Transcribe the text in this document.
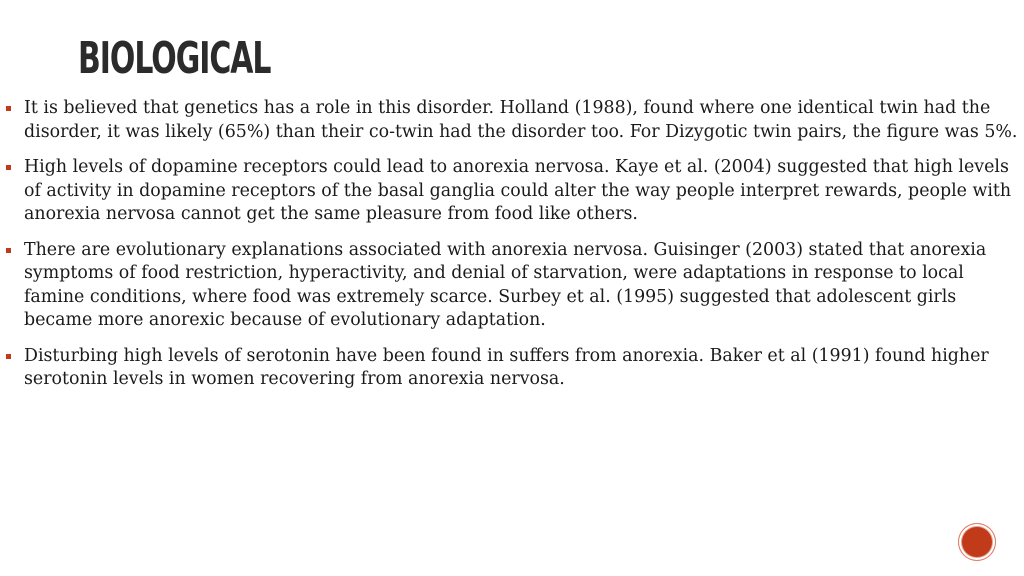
BIOLOGICAL
It is believed that genetics has a role in this disorder. Holland (1988), found where one identical twin had the disorder, it was likely (65%) than their co-twin had the disorder too. For Dizygotic twin pairs, the figure was 5%.
High levels of dopamine receptors could lead to anorexia nervosa. Kaye et al. (2004) suggested that high levels of activity in dopamine receptors of the basal ganglia could alter the way people interpret rewards, people with anorexia nervosa cannot get the same pleasure from food like others.
There are evolutionary explanations associated with anorexia nervosa. Guisinger (2003) stated that anorexia symptoms of food restriction, hyperactivity, and denial of starvation, were adaptations in response to local famine conditions, where food was extremely scarce. Surbey et al. (1995) suggested that adolescent girls became more anorexic because of evolutionary adaptation.
Disturbing high levels of serotonin have been found in suffers from anorexia. Baker et al (1991) found higher serotonin levels in women recovering from anorexia nervosa.
